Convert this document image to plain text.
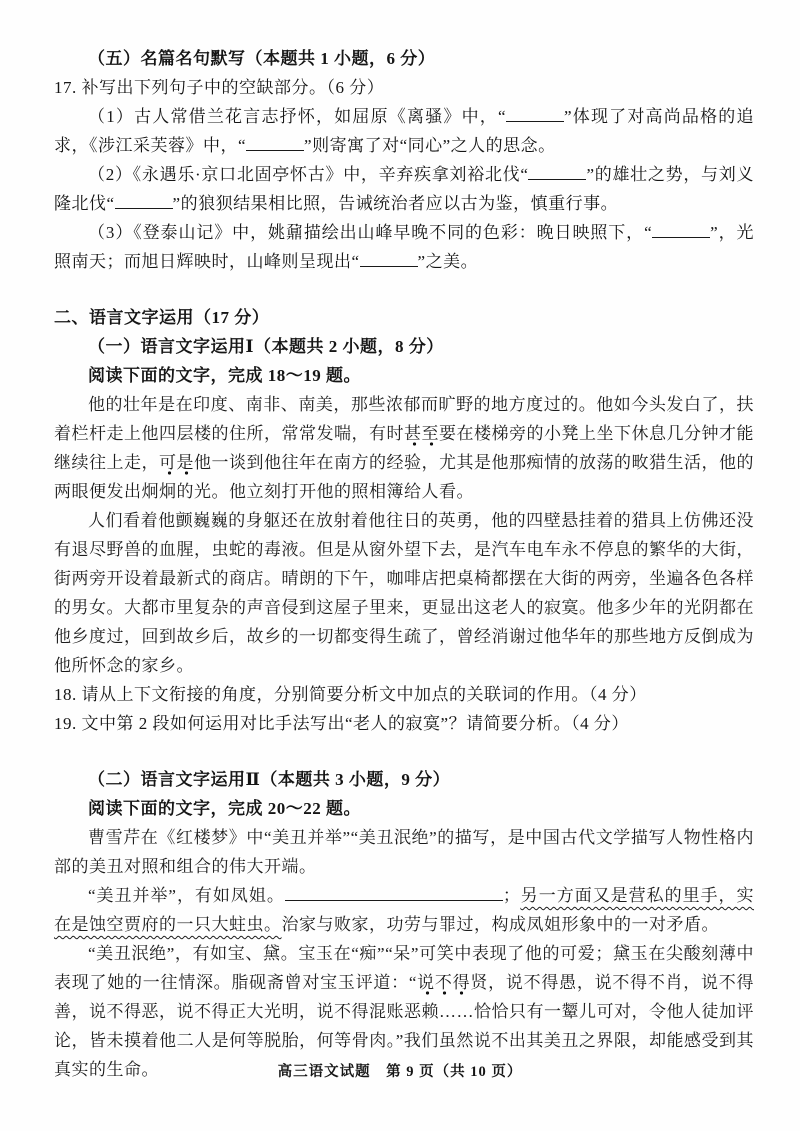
（五）名篇名句默写（本题共 1 小题，6 分）

17. 补写出下列句子中的空缺部分。（6 分）

（1）古人常借兰花言志抒怀，如屈原《离骚》中，“	”体现了对高尚品格的追求，《涉江采芙蓉》中，“	”则寄寓了对“同心”之人的思念。

（2）《永遇乐·京口北固亭怀古》中，辛弃疾拿刘裕北伐“	”的雄壮之势，与刘义隆北伐“	”的狼狈结果相比照，告诫统治者应以古为鉴，慎重行事。

（3）《登泰山记》中，姚鼐描绘出山峰早晚不同的色彩：晚日映照下，“	”，光照南天；而旭日辉映时，山峰则呈现出“	”之美。

二、语言文字运用（17 分）

（一）语言文字运用Ⅰ（本题共 2 小题，8 分）

阅读下面的文字，完成 18～19 题。

他的壮年是在印度、南非、南美，那些浓郁而旷野的地方度过的。他如今头发白了，扶着栏杆走上他四层楼的住所，常常发喘，有时甚至要在楼梯旁的小凳上坐下休息几分钟才能继续往上走，可是他一谈到他往年在南方的经验，尤其是他那痴情的放荡的畋猎生活，他的两眼便发出炯炯的光。他立刻打开他的照相簿给人看。

人们看着他颤巍巍的身躯还在放射着他往日的英勇，他的四壁悬挂着的猎具上仿佛还没有退尽野兽的血腥，虫蛇的毒液。但是从窗外望下去，是汽车电车永不停息的繁华的大街，街两旁开设着最新式的商店。晴朗的下午，咖啡店把桌椅都摆在大街的两旁，坐遍各色各样的男女。大都市里复杂的声音侵到这屋子里来，更显出这老人的寂寞。他多少年的光阴都在他乡度过，回到故乡后，故乡的一切都变得生疏了，曾经消谢过他华年的那些地方反倒成为他所怀念的家乡。

18. 请从上下文衔接的角度，分别简要分析文中加点的关联词的作用。（4 分）

19. 文中第 2 段如何运用对比手法写出“老人的寂寞”？请简要分析。（4 分）

（二）语言文字运用Ⅱ（本题共 3 小题，9 分）

阅读下面的文字，完成 20～22 题。

曹雪芹在《红楼梦》中“美丑并举”“美丑泯绝”的描写，是中国古代文学描写人物性格内部的美丑对照和组合的伟大开端。

“美丑并举”，有如凤姐。	；另一方面又是营私的里手，实在是蚀空贾府的一只大蛀虫。治家与败家，功劳与罪过，构成凤姐形象中的一对矛盾。

“美丑泯绝”，有如宝、黛。宝玉在“痴”“呆”可笑中表现了他的可爱；黛玉在尖酸刻薄中表现了她的一往情深。脂砚斋曾对宝玉评道：“说不得贤，说不得愚，说不得不肖，说不得善，说不得恶，说不得正大光明，说不得混账恶赖……恰恰只有一颦儿可对，令他人徒加评论，皆未摸着他二人是何等脱胎，何等骨肉。”我们虽然说不出其美丑之界限，却能感受到其真实的生命。	高三语文试题　第 9 页（共 10 页）
